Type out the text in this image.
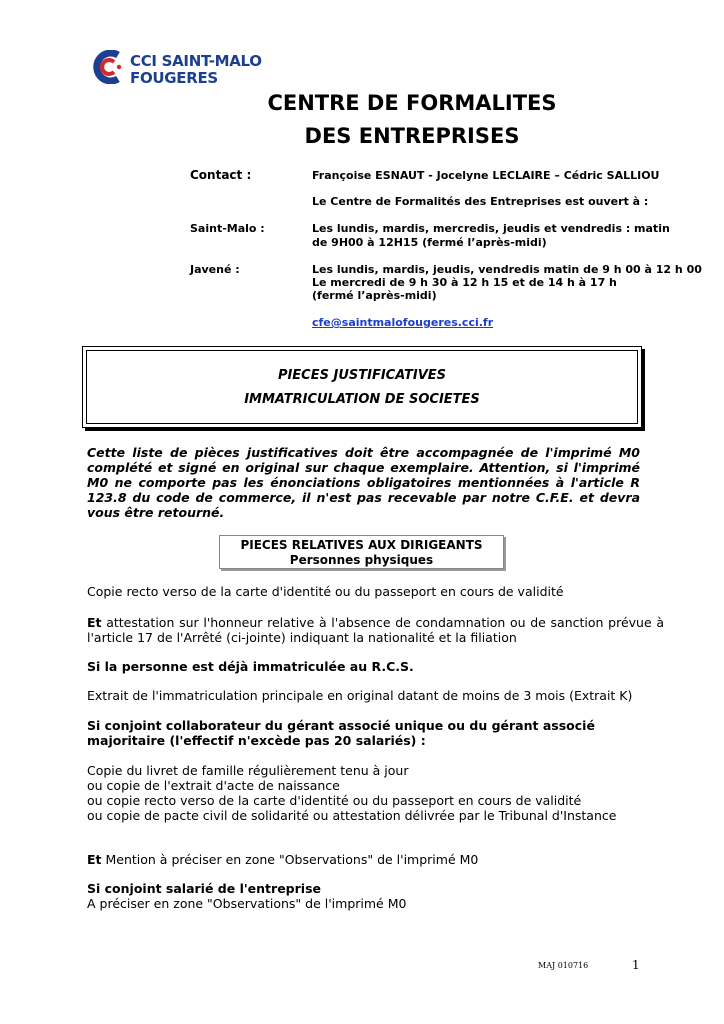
CCI SAINT-MALO
FOUGERES
CENTRE DE FORMALITES
DES ENTREPRISES
Contact :	Françoise ESNAUT - Jocelyne LECLAIRE – Cédric SALLIOU
Le Centre de Formalités des Entreprises est ouvert à :
Saint-Malo :	Les lundis, mardis, mercredis, jeudis et vendredis : matin
de 9H00 à 12H15 (fermé l’après-midi)
Javené :	Les lundis, mardis, jeudis, vendredis matin de 9 h 00 à 12 h 00
Le mercredi de 9 h 30 à 12 h 15 et de 14 h à 17 h
(fermé l’après-midi)
cfe@saintmalofougeres.cci.fr
PIECES JUSTIFICATIVES
IMMATRICULATION DE SOCIETES
Cette liste de pièces justificatives doit être accompagnée de l'imprimé M0 complété et signé en original sur chaque exemplaire. Attention, si l'imprimé M0 ne comporte pas les énonciations obligatoires mentionnées à l'article R 123.8 du code de commerce, il n'est pas recevable par notre C.F.E. et devra vous être retourné.
PIECES RELATIVES AUX DIRIGEANTS
Personnes physiques
Copie recto verso de la carte d'identité ou du passeport en cours de validité
Et attestation sur l'honneur relative à l'absence de condamnation ou de sanction prévue à l'article 17 de l'Arrêté (ci-jointe) indiquant la nationalité et la filiation
Si la personne est déjà immatriculée au R.C.S.
Extrait de l'immatriculation principale en original datant de moins de 3 mois (Extrait K)
Si conjoint collaborateur du gérant associé unique ou du gérant associé majoritaire (l'effectif n'excède pas 20 salariés) :
Copie du livret de famille régulièrement tenu à jour
ou copie de l'extrait d'acte de naissance
ou copie recto verso de la carte d'identité ou du passeport en cours de validité
ou copie de pacte civil de solidarité ou attestation délivrée par le Tribunal d'Instance
Et Mention à préciser en zone "Observations" de l'imprimé M0
Si conjoint salarié de l'entreprise
A préciser en zone "Observations" de l'imprimé M0
MAJ 010716	1
